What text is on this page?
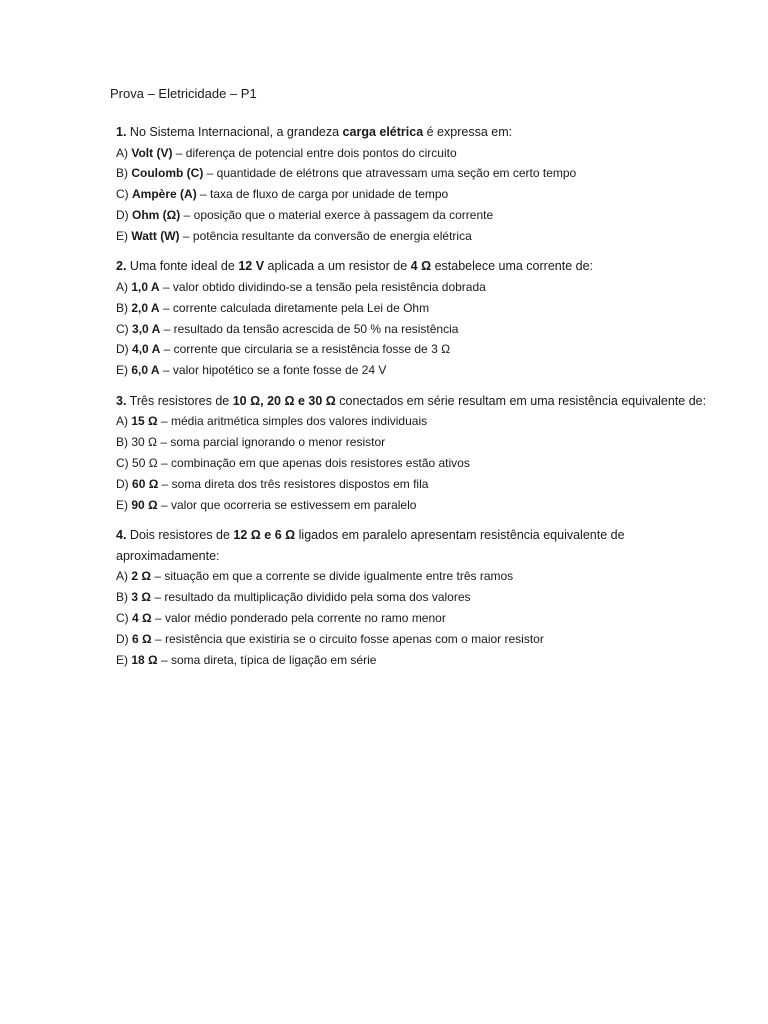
Prova – Eletricidade – P1

1. No Sistema Internacional, a grandeza carga elétrica é expressa em:

A) Volt (V) – diferença de potencial entre dois pontos do circuito

B) Coulomb (C) – quantidade de elétrons que atravessam uma seção em certo tempo

C) Ampère (A) – taxa de fluxo de carga por unidade de tempo

D) Ohm (Ω) – oposição que o material exerce à passagem da corrente

E) Watt (W) – potência resultante da conversão de energia elétrica

2. Uma fonte ideal de 12 V aplicada a um resistor de 4 Ω estabelece uma corrente de:

A) 1,0 A – valor obtido dividindo-se a tensão pela resistência dobrada

B) 2,0 A – corrente calculada diretamente pela Lei de Ohm

C) 3,0 A – resultado da tensão acrescida de 50 % na resistência

D) 4,0 A – corrente que circularia se a resistência fosse de 3 Ω

E) 6,0 A – valor hipotético se a fonte fosse de 24 V

3. Três resistores de 10 Ω, 20 Ω e 30 Ω conectados em série resultam em uma resistência equivalente de:

A) 15 Ω – média aritmética simples dos valores individuais

B) 30 Ω – soma parcial ignorando o menor resistor

C) 50 Ω – combinação em que apenas dois resistores estão ativos

D) 60 Ω – soma direta dos três resistores dispostos em fila

E) 90 Ω – valor que ocorreria se estivessem em paralelo

4. Dois resistores de 12 Ω e 6 Ω ligados em paralelo apresentam resistência equivalente de aproximadamente:

A) 2 Ω – situação em que a corrente se divide igualmente entre três ramos

B) 3 Ω – resultado da multiplicação dividido pela soma dos valores

C) 4 Ω – valor médio ponderado pela corrente no ramo menor

D) 6 Ω – resistência que existiria se o circuito fosse apenas com o maior resistor

E) 18 Ω – soma direta, típica de ligação em série
